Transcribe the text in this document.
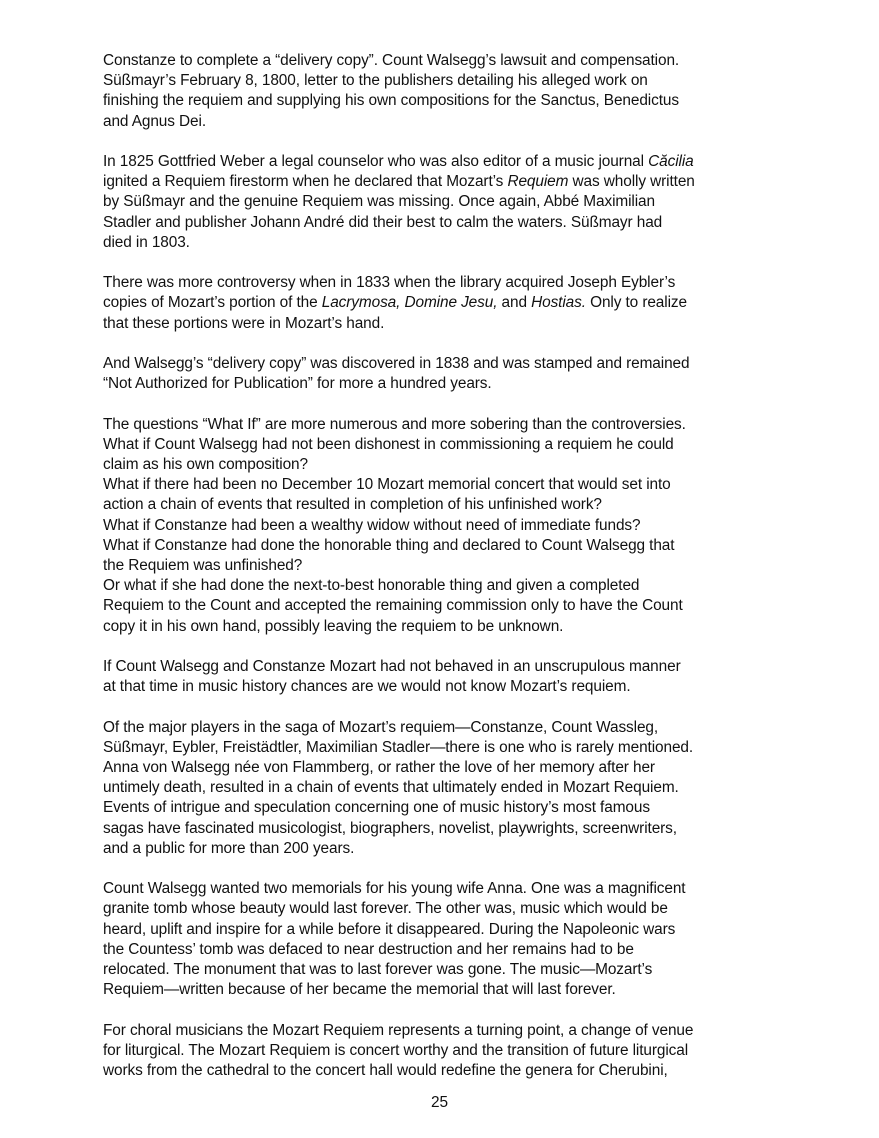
Constanze to complete a “delivery copy”. Count Walsegg’s lawsuit and compensation.
Süßmayr’s February 8, 1800, letter to the publishers detailing his alleged work on
finishing the requiem and supplying his own compositions for the Sanctus, Benedictus
and Agnus Dei.

In 1825 Gottfried Weber a legal counselor who was also editor of a music journal Căcilia
ignited a Requiem firestorm when he declared that Mozart’s Requiem was wholly written
by Süßmayr and the genuine Requiem was missing. Once again, Abbé Maximilian
Stadler and publisher Johann André did their best to calm the waters. Süßmayr had
died in 1803.

There was more controversy when in 1833 when the library acquired Joseph Eybler’s
copies of Mozart’s portion of the Lacrymosa, Domine Jesu, and Hostias. Only to realize
that these portions were in Mozart’s hand.

And Walsegg’s “delivery copy” was discovered in 1838 and was stamped and remained
“Not Authorized for Publication” for more a hundred years.

The questions “What If” are more numerous and more sobering than the controversies.
What if Count Walsegg had not been dishonest in commissioning a requiem he could
claim as his own composition?
What if there had been no December 10 Mozart memorial concert that would set into
action a chain of events that resulted in completion of his unfinished work?
What if Constanze had been a wealthy widow without need of immediate funds?
What if Constanze had done the honorable thing and declared to Count Walsegg that
the Requiem was unfinished?
Or what if she had done the next-to-best honorable thing and given a completed
Requiem to the Count and accepted the remaining commission only to have the Count
copy it in his own hand, possibly leaving the requiem to be unknown.

If Count Walsegg and Constanze Mozart had not behaved in an unscrupulous manner
at that time in music history chances are we would not know Mozart’s requiem.

Of the major players in the saga of Mozart’s requiem—Constanze, Count Wassleg,
Süßmayr, Eybler, Freistädtler, Maximilian Stadler—there is one who is rarely mentioned.
Anna von Walsegg née von Flammberg, or rather the love of her memory after her
untimely death, resulted in a chain of events that ultimately ended in Mozart Requiem.
Events of intrigue and speculation concerning one of music history’s most famous
sagas have fascinated musicologist, biographers, novelist, playwrights, screenwriters,
and a public for more than 200 years.

Count Walsegg wanted two memorials for his young wife Anna. One was a magnificent
granite tomb whose beauty would last forever. The other was, music which would be
heard, uplift and inspire for a while before it disappeared. During the Napoleonic wars
the Countess’ tomb was defaced to near destruction and her remains had to be
relocated. The monument that was to last forever was gone. The music—Mozart’s
Requiem—written because of her became the memorial that will last forever.

For choral musicians the Mozart Requiem represents a turning point, a change of venue
for liturgical. The Mozart Requiem is concert worthy and the transition of future liturgical
works from the cathedral to the concert hall would redefine the genera for Cherubini,

25
